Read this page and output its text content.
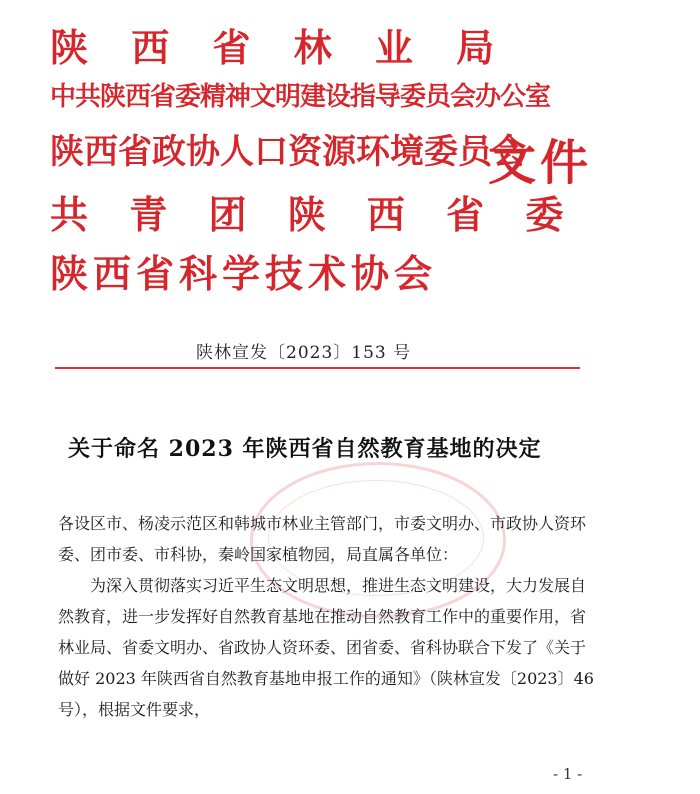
陕 西 省 林 业 局
中共陕西省委精神文明建设指导委员会办公室
陕西省政协人口资源环境委员会
共 青 团 陕 西 省 委
陕西省科学技术协会
文件
陕林宣发〔2023〕153 号
关于命名 2023 年陕西省自然教育基地的决定

各设区市、杨凌示范区和韩城市林业主管部门，市委文明办、市政协人资环委、团市委、市科协，秦岭国家植物园，局直属各单位：

为深入贯彻落实习近平生态文明思想，推进生态文明建设，大力发展自然教育，进一步发挥好自然教育基地在推动自然教育工作中的重要作用，省林业局、省委文明办、省政协人资环委、团省委、省科协联合下发了《关于做好 2023 年陕西省自然教育基地申报工作的通知》（陕林宣发〔2023〕46 号），根据文件要求，

- 1 -
